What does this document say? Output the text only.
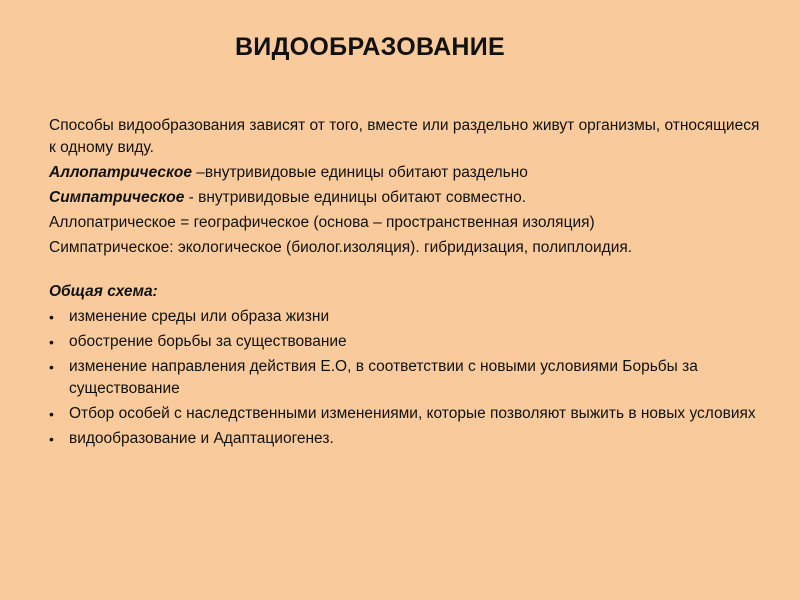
ВИДООБРАЗОВАНИЕ

Способы видообразования зависят от того, вместе или раздельно живут организмы, относящиеся к одному виду.

Аллопатрическое –внутривидовые единицы обитают раздельно

Симпатрическое - внутривидовые единицы обитают совместно.

Аллопатрическое = географическое (основа – пространственная изоляция)

Симпатрическое: экологическое (биолог.изоляция). гибридизация, полиплоидия.

Общая схема:
• изменение среды или образа жизни
• обострение борьбы за существование
• изменение направления действия Е.О, в соответствии с новыми условиями Борьбы за существование
• Отбор особей с наследственными изменениями, которые позволяют выжить в новых условиях
• видообразование и Адаптациогенез.
